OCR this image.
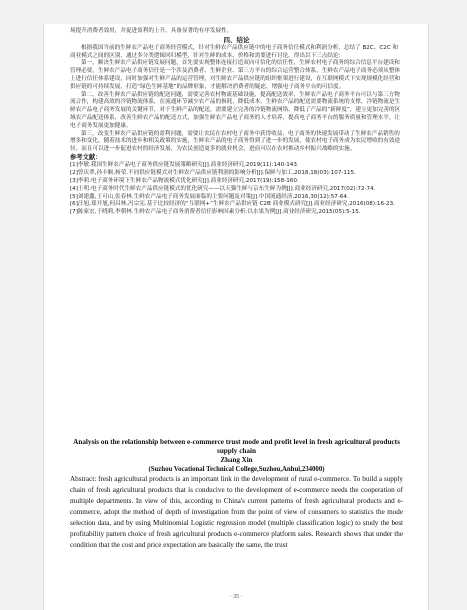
场提升消费者效用，并促进盈利的上升，具备显著的有序发展性。

四、结论

根据我国当前的生鲜农产品电子商务经营模式，针对生鲜农产品供应链中的电子商务信任模式和利润分析，总结了 B2C、C2C 和商业模式之间的区别，通过多分类逻辑回归模型，针对生鲜的成本、价格和需要进行讨论，得出以下三点结论：

第一，顺决生鲜农产品供应链发展问题，首先要实现整体连接打造双向可信化的信任性，生鲜农村电子商务的综合信息平台建设和管理必要，生鲜农产品电子商务信任是一个涉及消费者、生鲜企业、第三方平台的综合运营整合体系，生鲜农产品电子商务必须从整体上进行信任体系建设，同时加强对生鲜产品的运营管理，对生鲜农产品供应链的组织框架进行建设，在互联网模式下实现规模化经营和供应链的可持续发展，打造“绿色生鲜基地”的品牌形象，才能解决消费者的疑虑，增强电子商务平台的可信度。

第二，改善生鲜农产品供应链的配送问题，需要完善农村物流基础设施，提高配送效率，生鲜农产品电子商务平台可以与第三方物流合作，构建高效的冷链物流体系，在流通环节减少农产品的损耗，降低成本，生鲜农产品的配送需要物流系统的支撑，冷链物流是生鲜农产品电子商务发展的关键环节，对于生鲜产品的配送，需要建立完善的冷链物流网络，降低了产品的“新鲜度”，建立更加完善的区域农产品配送体系，改善生鲜农产品的配送方式，加强生鲜农产品电子商务的人才培养，提高电子商务平台的服务质量和管理水平，让电子商务发展更加健康。

第三，改变生鲜农产品供应链的盈利问题，需要让农民在农村电子商务中获得收益，电子商务的快速发展带动了生鲜农产品销售的增多和变化，随着技术的进步和相关政策的实施，生鲜农产品的电子商务得到了进一步的发展，使农村电子商务成为农民增收的有效途径，而且可以进一步促进农村的经济发展，为农民创造更多的就业机会，进而可以在农村推动乡村振兴战略的实施。

参考文献：

[1]李敏.我国生鲜农产品电子商务供应链发展策略研究[J].商业经济研究,2019(11):140-143.

[2]曾庆翠,孙丰顺,杨荣.不同供应链模式对生鲜农产品供应链利润的影响分析[J].保鲜与加工,2018,18(03):107-115.

[3]李莉.电子商务环境下生鲜农产品物流模式优化研究[J].商业经济研究,2017(19):158-160.

[4]王明.电子商务时代生鲜农产品供应链模式的优化研究——以天猫生鲜与京东生鲜为例[J].商业经济研究,2017(02):72-74.

[5]刘建鑫,王可山,张春林.生鲜农产品电子商务发展面临的主要问题及对策[J].中国流通经济,2016,30(12):57-64.

[6]汪旭,郑开旭,何昌林,冯宗宪.基于比较经济的“互联网+”生鲜农产品供应链 C2B 商业模式研究[J].商业经济研究,2016(08):16-23.

[7]陈家宏,于晓莉,李朝林.生鲜农产品电子商务消费者信任影响因素分析:以水果为例[J].商业经济研究,2015(05):5-15.

Analysis on the relationship between e-commerce trust mode and profit level in fresh agricultural products supply chain

Zhang Xin

(Suzhou Vocational Technical College,Suzhou,Anhui,234000)

Abstract: fresh agricultural products is an important link in the development of rural e-commerce. To build a supply chain of fresh agricultural products that is conducive to the development of e-commerce needs the cooperation of multiple departments. In view of this, according to China's current patterns of fresh agricultural products and e-commerce, adopt the method of depth of investigation from the point of view of consumers to statistics the mode selection data, and by using Multinomial Logistic regression model (multiple classification logic) to study the best profitability pattern choice of fresh agricultural products e-commerce platform sales. Research shows that under the condition that the cost and price expectation are basically the same, the trust

· 35 ·
